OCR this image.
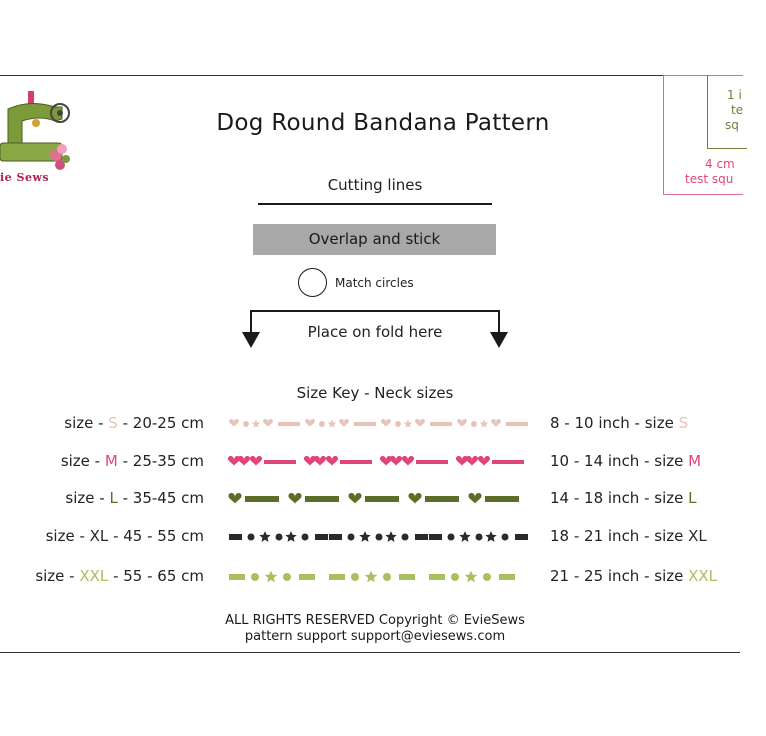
ie Sews
1 i
te
sq
4 cm
test squ
Dog Round Bandana Pattern
Cutting lines
Overlap and stick
Match circles
Place on fold here
Size Key - Neck sizes
size - S - 20-25 cm	8 - 10 inch - size S
size - M - 25-35 cm	10 - 14 inch - size M
size - L - 35-45 cm	14 - 18 inch - size L
size - XL - 45 - 55 cm	18 - 21 inch - size XL
size - XXL - 55 - 65 cm	21 - 25 inch - size XXL
ALL RIGHTS RESERVED Copyright © EvieSews
pattern support support@eviesews.com
